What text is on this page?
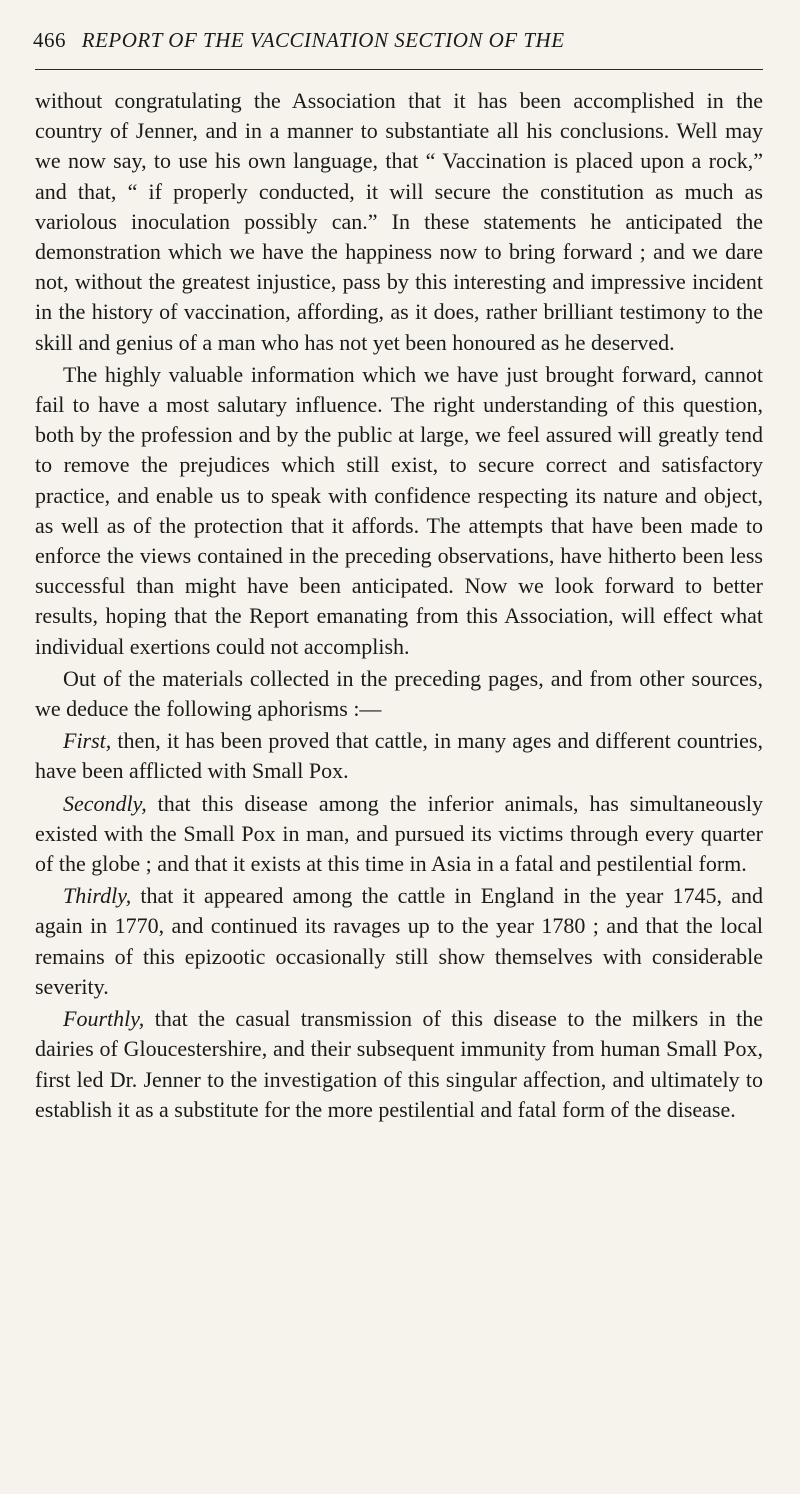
466 REPORT OF THE VACCINATION SECTION OF THE

without congratulating the Association that it has been accomplished in the country of Jenner, and in a manner to substantiate all his conclusions. Well may we now say, to use his own language, that “ Vaccination is placed upon a rock,” and that, “ if properly conducted, it will secure the constitution as much as variolous inoculation possibly can.” In these statements he anticipated the demonstration which we have the happiness now to bring forward ; and we dare not, without the greatest injustice, pass by this interesting and impressive incident in the history of vaccination, affording, as it does, rather brilliant testimony to the skill and genius of a man who has not yet been honoured as he deserved.

The highly valuable information which we have just brought forward, cannot fail to have a most salutary influence. The right understanding of this question, both by the profession and by the public at large, we feel assured will greatly tend to remove the prejudices which still exist, to secure correct and satisfactory practice, and enable us to speak with confidence respecting its nature and object, as well as of the protection that it affords. The attempts that have been made to enforce the views contained in the preceding observations, have hitherto been less successful than might have been anticipated. Now we look forward to better results, hoping that the Report emanating from this Association, will effect what individual exertions could not accomplish.

Out of the materials collected in the preceding pages, and from other sources, we deduce the following aphorisms :—

First, then, it has been proved that cattle, in many ages and different countries, have been afflicted with Small Pox.

Secondly, that this disease among the inferior animals, has simultaneously existed with the Small Pox in man, and pursued its victims through every quarter of the globe ; and that it exists at this time in Asia in a fatal and pestilential form.

Thirdly, that it appeared among the cattle in England in the year 1745, and again in 1770, and continued its ravages up to the year 1780 ; and that the local remains of this epizootic occasionally still show themselves with considerable severity.

Fourthly, that the casual transmission of this disease to the milkers in the dairies of Gloucestershire, and their subsequent immunity from human Small Pox, first led Dr. Jenner to the investigation of this singular affection, and ultimately to establish it as a substitute for the more pestilential and fatal form of the disease.
